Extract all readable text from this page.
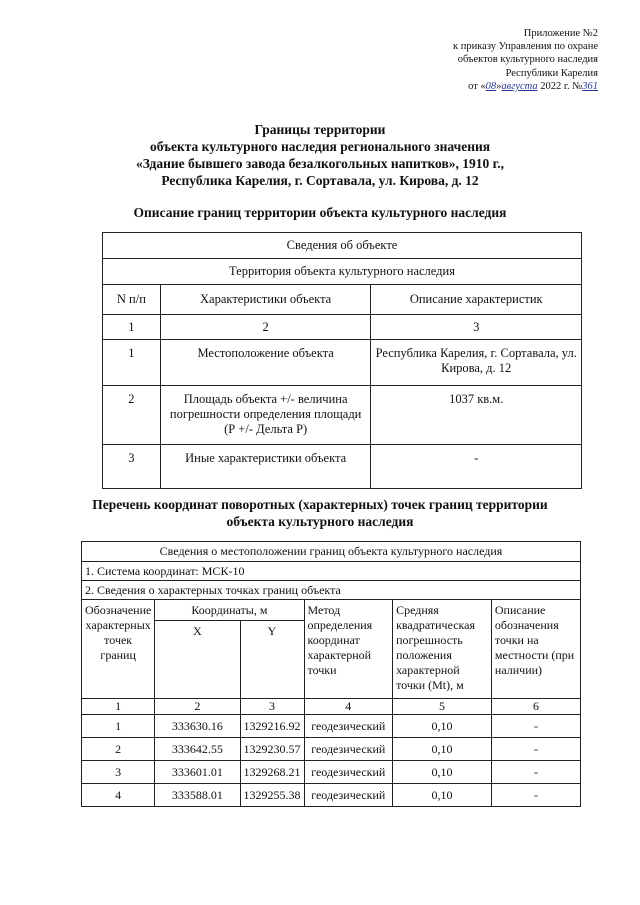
Приложение №2
к приказу Управления по охране
объектов культурного наследия
Республики Карелия
от «08»августа 2022 г. №361
Границы территории
объекта культурного наследия регионального значения
«Здание бывшего завода безалкогольных напитков», 1910 г.,
Республика Карелия, г. Сортавала, ул. Кирова, д. 12
Описание границ территории объекта культурного наследия
Сведения об объекте		
Территория объекта культурного наследия		
N п/п	Характеристики объекта	Описание характеристик
1	2	3
1	Местоположение объекта	Республика Карелия, г. Сортавала, ул. Кирова, д. 12
2	Площадь объекта +/- величина погрешности определения площади (Р +/- Дельта Р)	1037 кв.м.
3	Иные характеристики объекта	-
Перечень координат поворотных (характерных) точек границ территории
объекта культурного наследия
Сведения о местоположении границ объекта культурного наследия					
1. Система координат: МСК-10					
2. Сведения о характерных точках границ объекта					
Обозначение характерных точек границ	Координаты, м		Метод определения координат характерной точки	Средняя квадратическая погрешность положения характерной точки (Mt), м	Описание обозначения точки на местности (при наличии)
	X	Y			
1	2	3	4	5	6
1	333630.16	1329216.92	геодезический	0,10	-
2	333642.55	1329230.57	геодезический	0,10	-
3	333601.01	1329268.21	геодезический	0,10	-
4	333588.01	1329255.38	геодезический	0,10	-
